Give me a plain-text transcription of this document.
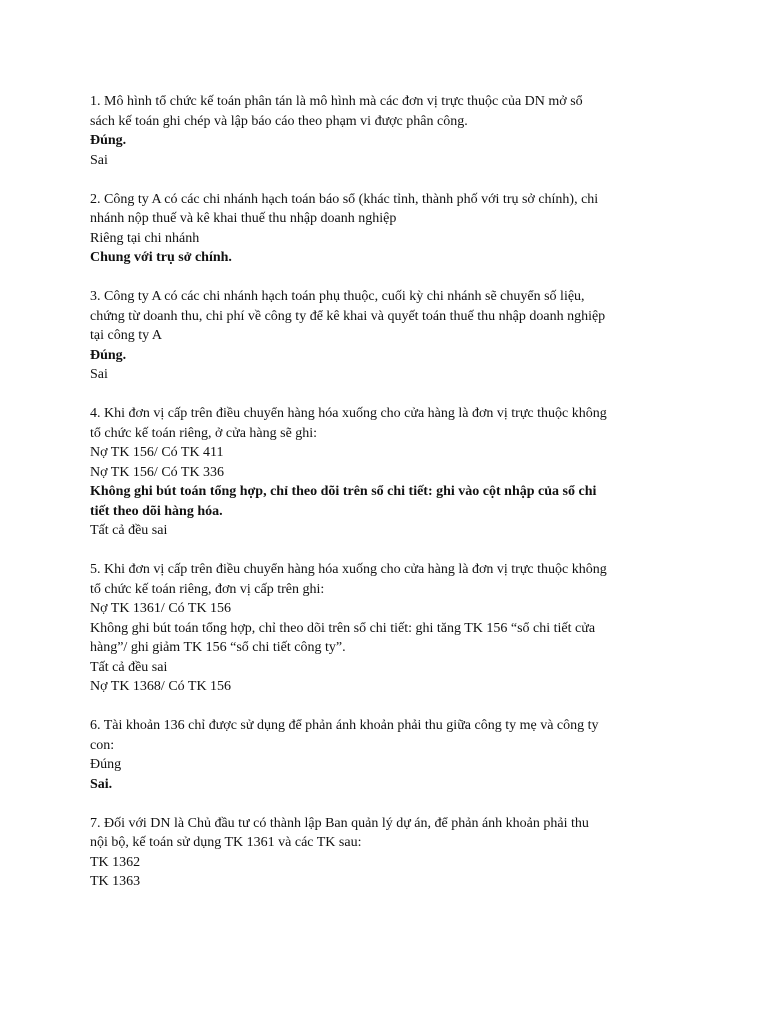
1. Mô hình tổ chức kế toán phân tán là mô hình mà các đơn vị trực thuộc của DN mở sổ sách kế toán ghi chép và lập báo cáo theo phạm vi được phân công.
Đúng.
Sai
2. Công ty A có các chi nhánh hạch toán báo sổ (khác tỉnh, thành phố với trụ sở chính), chi nhánh nộp thuế và kê khai thuế thu nhập doanh nghiệp
Riêng tại chi nhánh
Chung với trụ sở chính.
3. Công ty A có các chi nhánh hạch toán phụ thuộc, cuối kỳ chi nhánh sẽ chuyển số liệu, chứng từ doanh thu, chi phí về công ty để kê khai và quyết toán thuế thu nhập doanh nghiệp tại công ty A
Đúng.
Sai
4. Khi đơn vị cấp trên điều chuyển hàng hóa xuống cho cửa hàng là đơn vị trực thuộc không tổ chức kế toán riêng, ở cửa hàng sẽ ghi:
Nợ TK 156/ Có TK 411
Nợ TK 156/ Có TK 336
Không ghi bút toán tổng hợp, chỉ theo dõi trên sổ chi tiết: ghi vào cột nhập của sổ chi tiết theo dõi hàng hóa.
Tất cả đều sai
5. Khi đơn vị cấp trên điều chuyển hàng hóa xuống cho cửa hàng là đơn vị trực thuộc không tổ chức kế toán riêng, đơn vị cấp trên ghi:
Nợ TK 1361/ Có TK 156
Không ghi bút toán tổng hợp, chỉ theo dõi trên sổ chi tiết: ghi tăng TK 156 “sổ chi tiết cửa hàng”/ ghi giảm TK 156 “sổ chi tiết công ty”.
Tất cả đều sai
Nợ TK 1368/ Có TK 156
6. Tài khoản 136 chỉ được sử dụng để phản ánh khoản phải thu giữa công ty mẹ và công ty con:
Đúng
Sai.
7. Đối với DN là Chủ đầu tư có thành lập Ban quản lý dự án, để phản ánh khoản phải thu nội bộ, kế toán sử dụng TK 1361 và các TK sau:
TK 1362
TK 1363
